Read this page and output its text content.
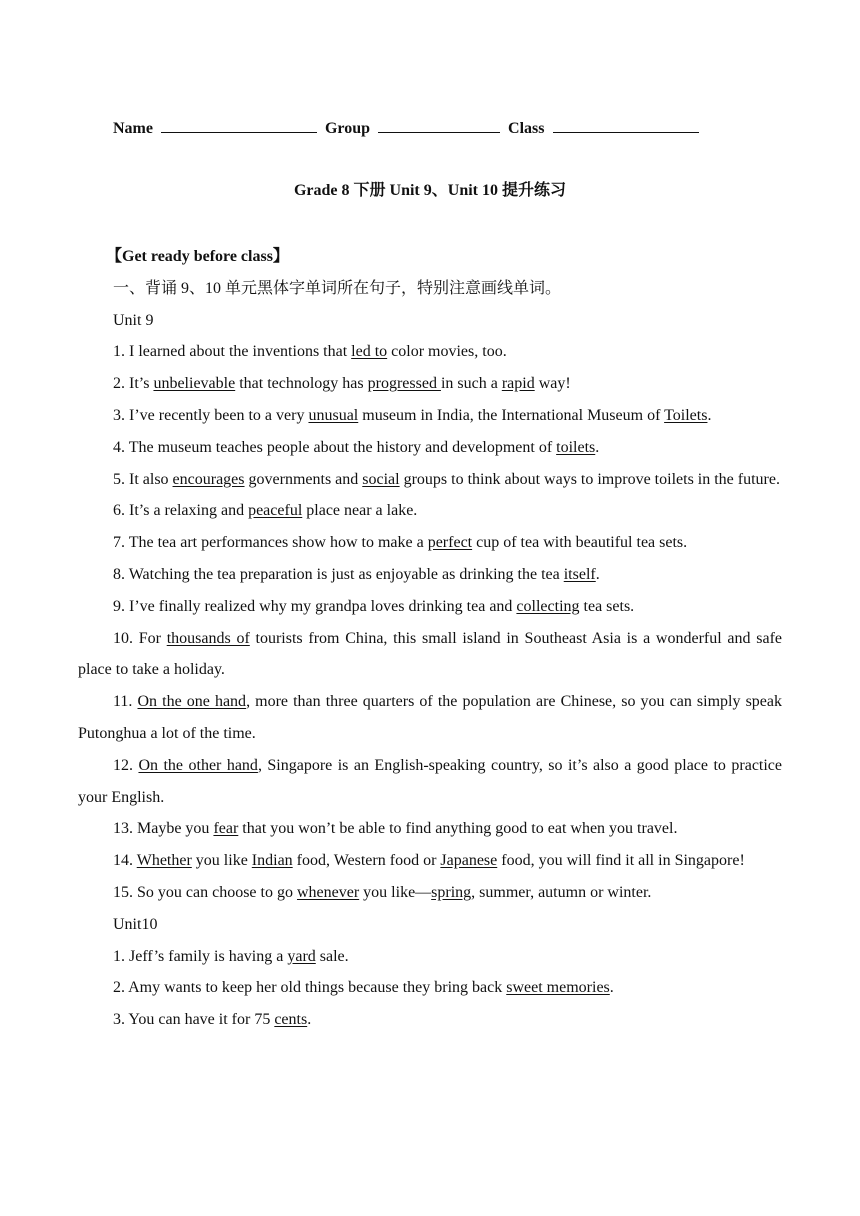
Name	Group	Class
Grade 8 下册 Unit 9、Unit 10 提升练习

【Get ready before class】

一、背诵 9、10 单元黑体字单词所在句子，特别注意画线单词。

Unit 9

1. I learned about the inventions that led to color movies, too.

2. It’s unbelievable that technology has progressed in such a rapid way!

3. I’ve recently been to a very unusual museum in India, the International Museum of Toilets.

4. The museum teaches people about the history and development of toilets.

5. It also encourages governments and social groups to think about ways to improve toilets in the future.

6. It’s a relaxing and peaceful place near a lake.

7. The tea art performances show how to make a perfect cup of tea with beautiful tea sets.

8. Watching the tea preparation is just as enjoyable as drinking the tea itself.

9. I’ve finally realized why my grandpa loves drinking tea and collecting tea sets.

10. For thousands of tourists from China, this small island in Southeast Asia is a wonderful and safe place to take a holiday.

11. On the one hand, more than three quarters of the population are Chinese, so you can simply speak Putonghua a lot of the time.

12. On the other hand, Singapore is an English-speaking country, so it’s also a good place to practice your English.

13. Maybe you fear that you won’t be able to find anything good to eat when you travel.

14. Whether you like Indian food, Western food or Japanese food, you will find it all in Singapore!

15. So you can choose to go whenever you like—spring, summer, autumn or winter.

Unit10

1. Jeff’s family is having a yard sale.

2. Amy wants to keep her old things because they bring back sweet memories.

3. You can have it for 75 cents.
